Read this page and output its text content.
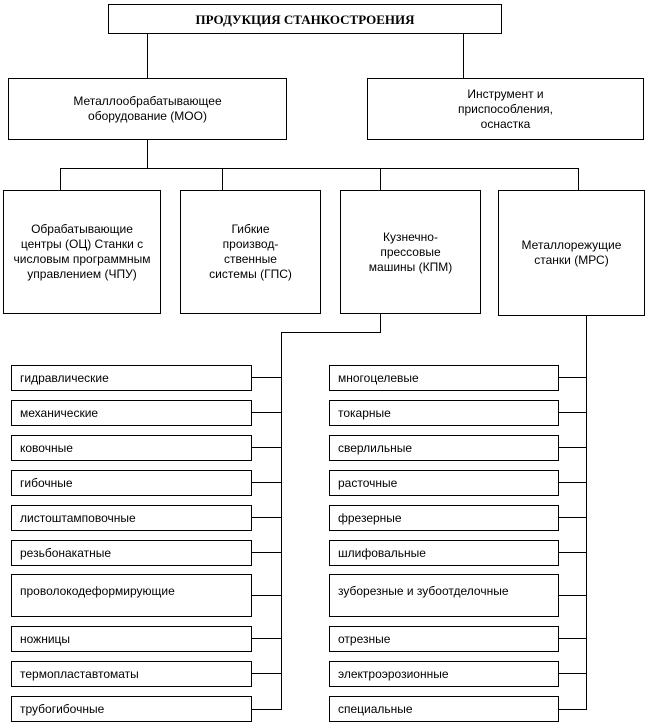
ПРОДУКЦИЯ СТАНКОСТРОЕНИЯ
Металлообрабатывающее оборудование (МОО)
Инструмент и приспособления, оснастка
Обрабатывающие центры (ОЦ) Станки с числовым программным управлением (ЧПУ)
Гибкие производ-ственные системы (ГПС)
Кузнечно-прессовые машины (КПМ)
Металлорежущие станки (МРС)
гидравлические
механические
ковочные
гибочные
листоштамповочные
резьбонакатные
проволокодеформирующие
ножницы
термопластавтоматы
трубогибочные
многоцелевые
токарные
сверлильные
расточные
фрезерные
шлифовальные
зуборезные и зубоотделочные
отрезные
электроэрозионные
специальные
